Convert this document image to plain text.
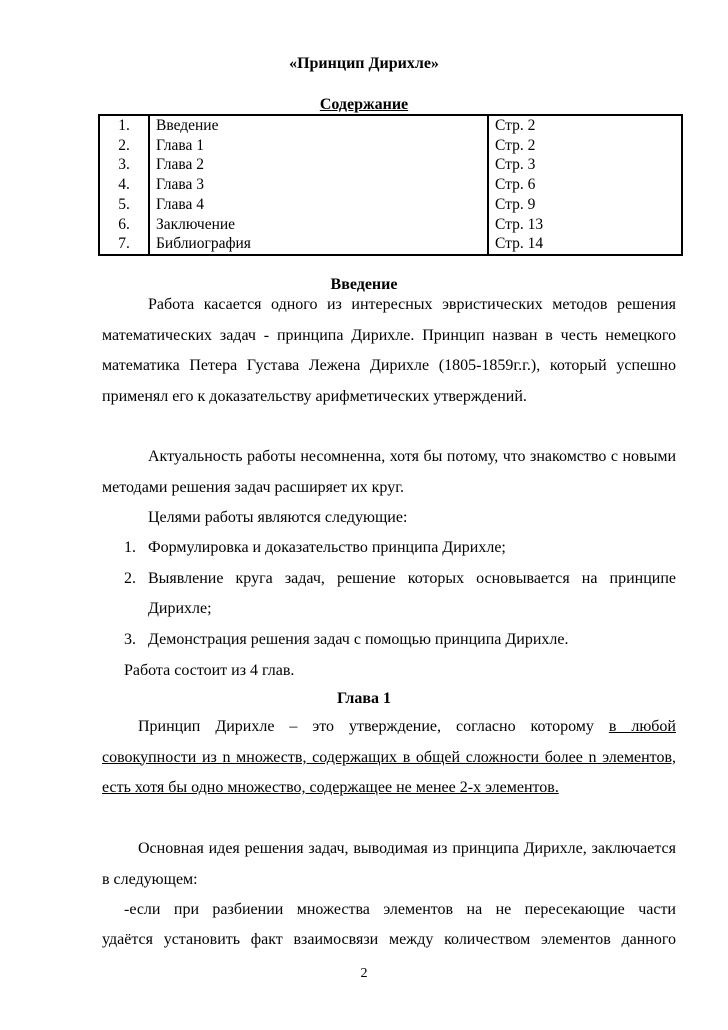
«Принцип Дирихле»
Содержание
1.	Введение	Стр. 2
2.	Глава 1	Стр. 2
3.	Глава 2	Стр. 3
4.	Глава 3	Стр. 6
5.	Глава 4	Стр. 9
6.	Заключение	Стр. 13
7.	Библиография	Стр. 14
Введение
Работа касается одного из интересных эвристических методов решения математических задач - принципа Дирихле. Принцип назван в честь немецкого математика Петера Густава Лежена Дирихле (1805-1859г.г.), который успешно применял его к доказательству арифметических утверждений.
Актуальность работы несомненна, хотя бы потому, что знакомство с новыми методами решения задач расширяет их круг.
Целями работы являются следующие:
1. Формулировка и доказательство принципа Дирихле;
2. Выявление круга задач, решение которых основывается на принципе Дирихле;
3. Демонстрация решения задач с помощью принципа Дирихле.
Работа состоит из 4 глав.
Глава 1
Принцип Дирихле – это утверждение, согласно которому в любой совокупности из n множеств, содержащих в общей сложности более n элементов, есть хотя бы одно множество, содержащее не менее 2-х элементов.
Основная идея решения задач, выводимая из принципа Дирихле, заключается в следующем:
-если при разбиении множества элементов на не пересекающие части
удаётся установить факт взаимосвязи между количеством элементов данного
2
